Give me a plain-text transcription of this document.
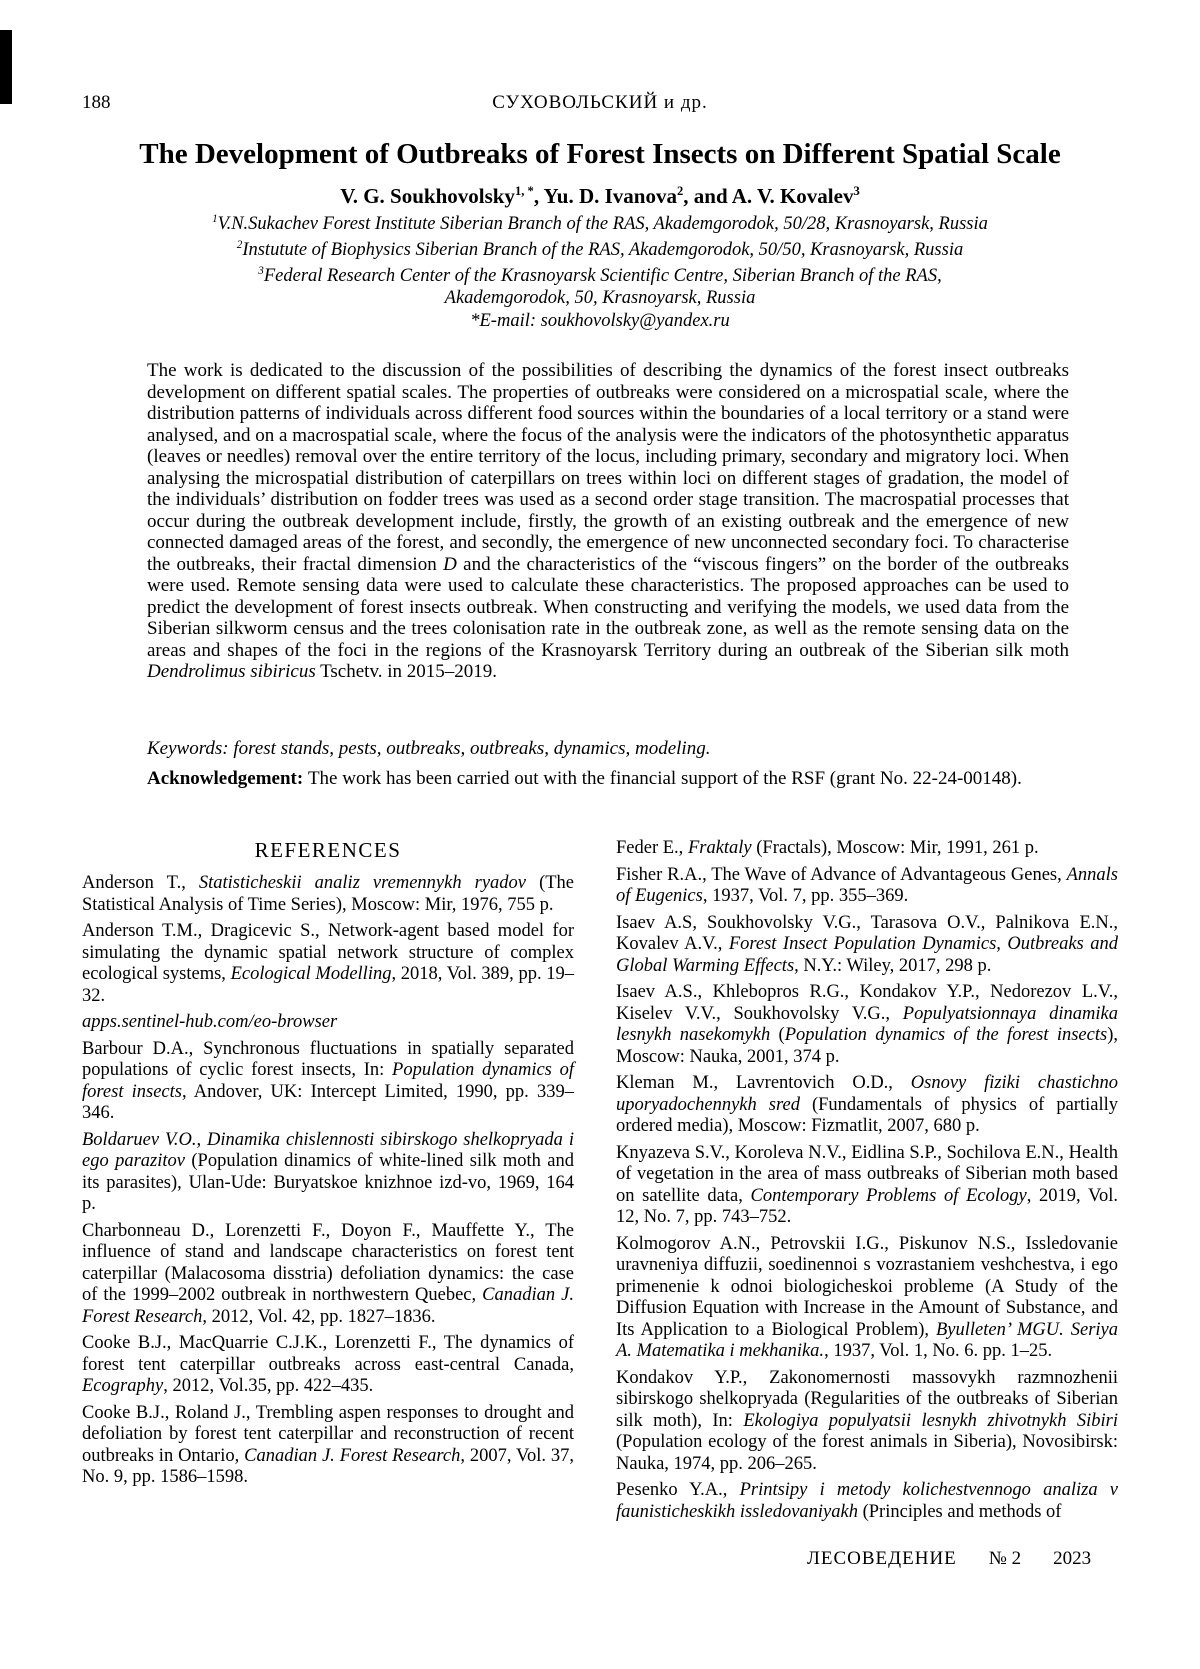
188	СУХОВОЛЬСКИЙ и др.
The Development of Outbreaks of Forest Insects on Different Spatial Scale
V. G. Soukhovolsky$^{1, *}$, Yu. D. Ivanova$^2$, and A. V. Kovalev$^3$

$^1$V.N.Sukachev Forest Institute Siberian Branch of the RAS, Akademgorodok, 50/28, Krasnoyarsk, Russia

$^2$Instutute of Biophysics Siberian Branch of the RAS, Akademgorodok, 50/50, Krasnoyarsk, Russia

$^3$Federal Research Center of the Krasnoyarsk Scientific Centre, Siberian Branch of the RAS,
Akademgorodok, 50, Krasnoyarsk, Russia

*E-mail: soukhovolsky@yandex.ru
The work is dedicated to the discussion of the possibilities of describing the dynamics of the forest insect outbreaks development on different spatial scales. The properties of outbreaks were considered on a microspatial scale, where the distribution patterns of individuals across different food sources within the boundaries of a local territory or a stand were analysed, and on a macrospatial scale, where the focus of the analysis were the indicators of the photosynthetic apparatus (leaves or needles) removal over the entire territory of the locus, including primary, secondary and migratory loci. When analysing the microspatial distribution of caterpillars on trees within loci on different stages of gradation, the model of the individuals’ distribution on fodder trees was used as a second order stage transition. The macrospatial processes that occur during the outbreak development include, firstly, the growth of an existing outbreak and the emergence of new connected damaged areas of the forest, and secondly, the emergence of new unconnected secondary foci. To characterise the outbreaks, their fractal dimension D and the characteristics of the “viscous fingers” on the border of the outbreaks were used. Remote sensing data were used to calculate these characteristics. The proposed approaches can be used to predict the development of forest insects outbreak. When constructing and verifying the models, we used data from the Siberian silkworm census and the trees colonisation rate in the outbreak zone, as well as the remote sensing data on the areas and shapes of the foci in the regions of the Krasnoyarsk Territory during an outbreak of the Siberian silk moth Dendrolimus sibiricus Tschetv. in 2015–2019.
Keywords: forest stands, pests, outbreaks, outbreaks, dynamics, modeling.
Acknowledgement: The work has been carried out with the financial support of the RSF (grant No. 22-24-00148).
REFERENCES

Anderson T., Statisticheskii analiz vremennykh ryadov (The Statistical Analysis of Time Series), Moscow: Mir, 1976, 755 p.

Anderson T.M., Dragicevic S., Network-agent based model for simulating the dynamic spatial network structure of complex ecological systems, Ecological Modelling, 2018, Vol. 389, pp. 19–32.

apps.sentinel-hub.com/eo-browser

Barbour D.A., Synchronous fluctuations in spatially separated populations of cyclic forest insects, In: Population dynamics of forest insects, Andover, UK: Intercept Limited, 1990, pp. 339–346.

Boldaruev V.O., Dinamika chislennosti sibirskogo shelkopryada i ego parazitov (Population dinamics of white-lined silk moth and its parasites), Ulan-Ude: Buryatskoe knizhnoe izd-vo, 1969, 164 p.

Charbonneau D., Lorenzetti F., Doyon F., Mauffette Y., The influence of stand and landscape characteristics on forest tent caterpillar (Malacosoma disstria) defoliation dynamics: the case of the 1999–2002 outbreak in northwestern Quebec, Canadian J. Forest Research, 2012, Vol. 42, pp. 1827–1836.

Cooke B.J., MacQuarrie C.J.K., Lorenzetti F., The dynamics of forest tent caterpillar outbreaks across east-central Canada, Ecography, 2012, Vol.35, pp. 422–435.

Cooke B.J., Roland J., Trembling aspen responses to drought and defoliation by forest tent caterpillar and reconstruction of recent outbreaks in Ontario, Canadian J. Forest Research, 2007, Vol. 37, No. 9, pp. 1586–1598.

Feder E., Fraktaly (Fractals), Moscow: Mir, 1991, 261 p.

Fisher R.A., The Wave of Advance of Advantageous Genes, Annals of Eugenics, 1937, Vol. 7, pp. 355–369.

Isaev A.S, Soukhovolsky V.G., Tarasova O.V., Palnikova E.N., Kovalev A.V., Forest Insect Population Dynamics, Outbreaks and Global Warming Effects, N.Y.: Wiley, 2017, 298 p.

Isaev A.S., Khlebopros R.G., Kondakov Y.P., Nedorezov L.V., Kiselev V.V., Soukhovolsky V.G., Populyatsionnaya dinamika lesnykh nasekomykh (Population dynamics of the forest insects), Moscow: Nauka, 2001, 374 p.

Kleman M., Lavrentovich O.D., Osnovy fiziki chastichno uporyadochennykh sred (Fundamentals of physics of partially ordered media), Moscow: Fizmatlit, 2007, 680 p.

Knyazeva S.V., Koroleva N.V., Eidlina S.P., Sochilova E.N., Health of vegetation in the area of mass outbreaks of Siberian moth based on satellite data, Contemporary Problems of Ecology, 2019, Vol. 12, No. 7, pp. 743–752.

Kolmogorov A.N., Petrovskii I.G., Piskunov N.S., Issledovanie uravneniya diffuzii, soedinennoi s vozrastaniem veshchestva, i ego primenenie k odnoi biologicheskoi probleme (A Study of the Diffusion Equation with Increase in the Amount of Substance, and Its Application to a Biological Problem), Byulleten’ MGU. Seriya A. Matematika i mekhanika., 1937, Vol. 1, No. 6. pp. 1–25.

Kondakov Y.P., Zakonomernosti massovykh razmnozhenii sibirskogo shelkopryada (Regularities of the outbreaks of Siberian silk moth), In: Ekologiya populyatsii lesnykh zhivotnykh Sibiri (Population ecology of the forest animals in Siberia), Novosibirsk: Nauka, 1974, pp. 206–265.

Pesenko Y.A., Printsipy i metody kolichestvennogo analiza v faunisticheskikh issledovaniyakh (Principles and methods of

ЛЕСОВЕДЕНИЕ № 2 2023
